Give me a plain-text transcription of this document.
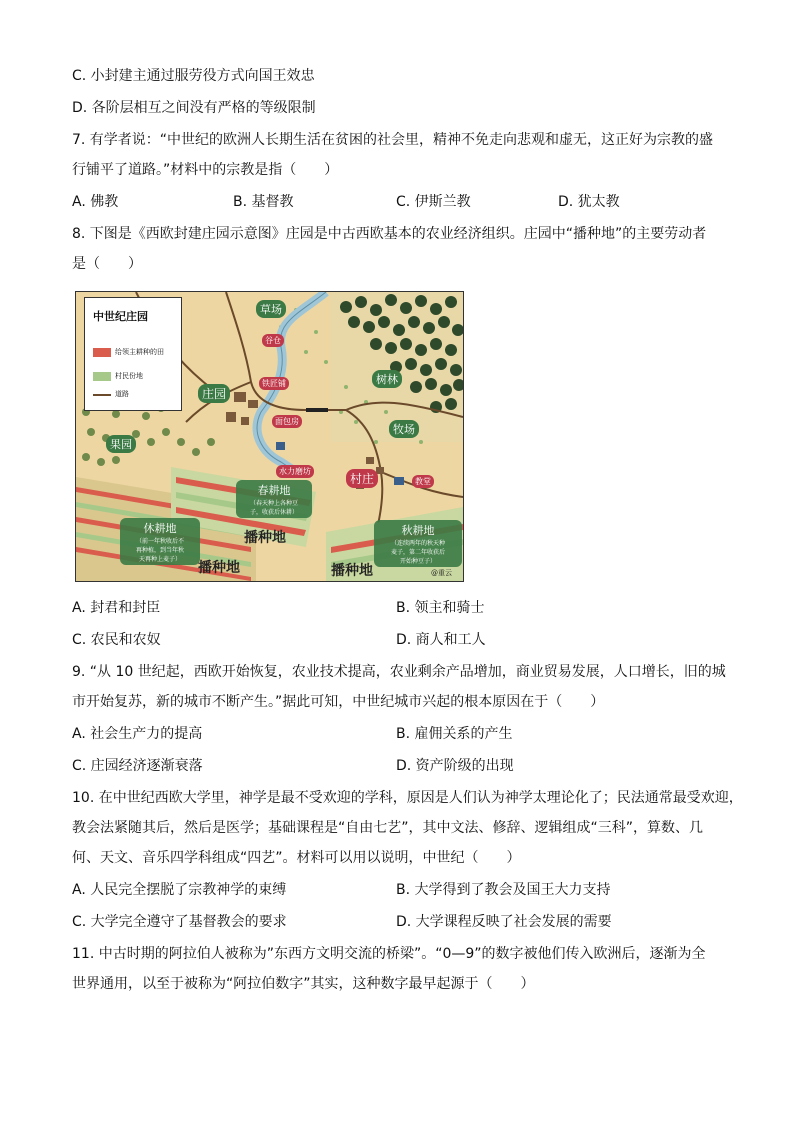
C. 小封建主通过服劳役方式向国王效忠
D. 各阶层相互之间没有严格的等级限制
7. 有学者说：“中世纪的欧洲人长期生活在贫困的社会里，精神不免走向悲观和虚无，这正好为宗教的盛
行铺平了道路。”材料中的宗教是指（　　）
A. 佛教	B. 基督教	C. 伊斯兰教	D. 犹太教
8. 下图是《西欧封建庄园示意图》庄园是中古西欧基本的农业经济组织。庄园中“播种地”的主要劳动者
是（　　）
中世纪庄园
给领主耕种的田
村民份地
道路
草场
庄园
树林
牧场
果园
谷仓
铁匠铺
面包房
水力磨坊
村庄	教堂
春耕地
（春天种上各种豆
子，收获后休耕）
休耕地
（前一年秋收后不
再种植，到当年秋
天再种上麦子）
秋耕地
（连续两年的秋天种
麦子，第二年收获后
开始种豆子）
播种地
播种地	播种地	@重云
A. 封君和封臣	B. 领主和骑士
C. 农民和农奴	D. 商人和工人
9. “从 10 世纪起，西欧开始恢复，农业技术提高，农业剩余产品增加，商业贸易发展，人口增长，旧的城
市开始复苏，新的城市不断产生。”据此可知，中世纪城市兴起的根本原因在于（　　）
A. 社会生产力的提高	B. 雇佣关系的产生
C. 庄园经济逐渐衰落	D. 资产阶级的出现
10. 在中世纪西欧大学里，神学是最不受欢迎的学科，原因是人们认为神学太理论化了；民法通常最受欢迎，
教会法紧随其后，然后是医学；基础课程是“自由七艺”，其中文法、修辞、逻辑组成“三科”，算数、几
何、天文、音乐四学科组成“四艺”。材料可以用以说明，中世纪（　　）
A. 人民完全摆脱了宗教神学的束缚	B. 大学得到了教会及国王大力支持
C. 大学完全遵守了基督教会的要求	D. 大学课程反映了社会发展的需要
11. 中古时期的阿拉伯人被称为”东西方文明交流的桥梁”。“0—9”的数字被他们传入欧洲后，逐渐为全
世界通用，以至于被称为“阿拉伯数字”其实，这种数字最早起源于（　　）
